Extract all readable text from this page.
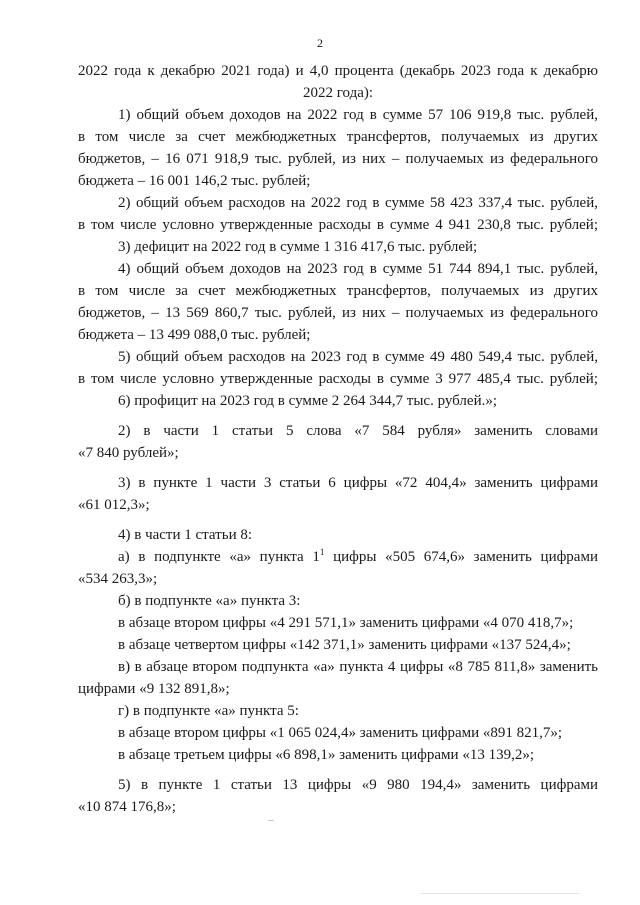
2
2022 года к декабрю 2021 года) и 4,0 процента (декабрь 2023 года к декабрю
2022 года):
1) общий объем доходов на 2022 год в сумме 57 106 919,8 тыс. рублей,
в том числе за счет межбюджетных трансфертов, получаемых из других
бюджетов, – 16 071 918,9 тыс. рублей, из них – получаемых из федерального
бюджета – 16 001 146,2 тыс. рублей;
2) общий объем расходов на 2022 год в сумме 58 423 337,4 тыс. рублей,
в том числе условно утвержденные расходы в сумме 4 941 230,8 тыс. рублей;
3) дефицит на 2022 год в сумме 1 316 417,6 тыс. рублей;
4) общий объем доходов на 2023 год в сумме 51 744 894,1 тыс. рублей,
в том числе за счет межбюджетных трансфертов, получаемых из других
бюджетов, – 13 569 860,7 тыс. рублей, из них – получаемых из федерального
бюджета – 13 499 088,0 тыс. рублей;
5) общий объем расходов на 2023 год в сумме 49 480 549,4 тыс. рублей,
в том числе условно утвержденные расходы в сумме 3 977 485,4 тыс. рублей;
6) профицит на 2023 год в сумме 2 264 344,7 тыс. рублей.»;
2) в части 1 статьи 5 слова «7 584 рубля» заменить словами
«7 840 рублей»;
3) в пункте 1 части 3 статьи 6 цифры «72 404,4» заменить цифрами
«61 012,3»;
4) в части 1 статьи 8:
а) в подпункте «а» пункта $1^1$ цифры «505 674,6» заменить цифрами
«534 263,3»;
б) в подпункте «а» пункта 3:
в абзаце втором цифры «4 291 571,1» заменить цифрами «4 070 418,7»;
в абзаце четвертом цифры «142 371,1» заменить цифрами «137 524,4»;
в) в абзаце втором подпункта «а» пункта 4 цифры «8 785 811,8» заменить
цифрами «9 132 891,8»;
г) в подпункте «а» пункта 5:
в абзаце втором цифры «1 065 024,4» заменить цифрами «891 821,7»;
в абзаце третьем цифры «6 898,1» заменить цифрами «13 139,2»;
5) в пункте 1 статьи 13 цифры «9 980 194,4» заменить цифрами
«10 874 176,8»;
